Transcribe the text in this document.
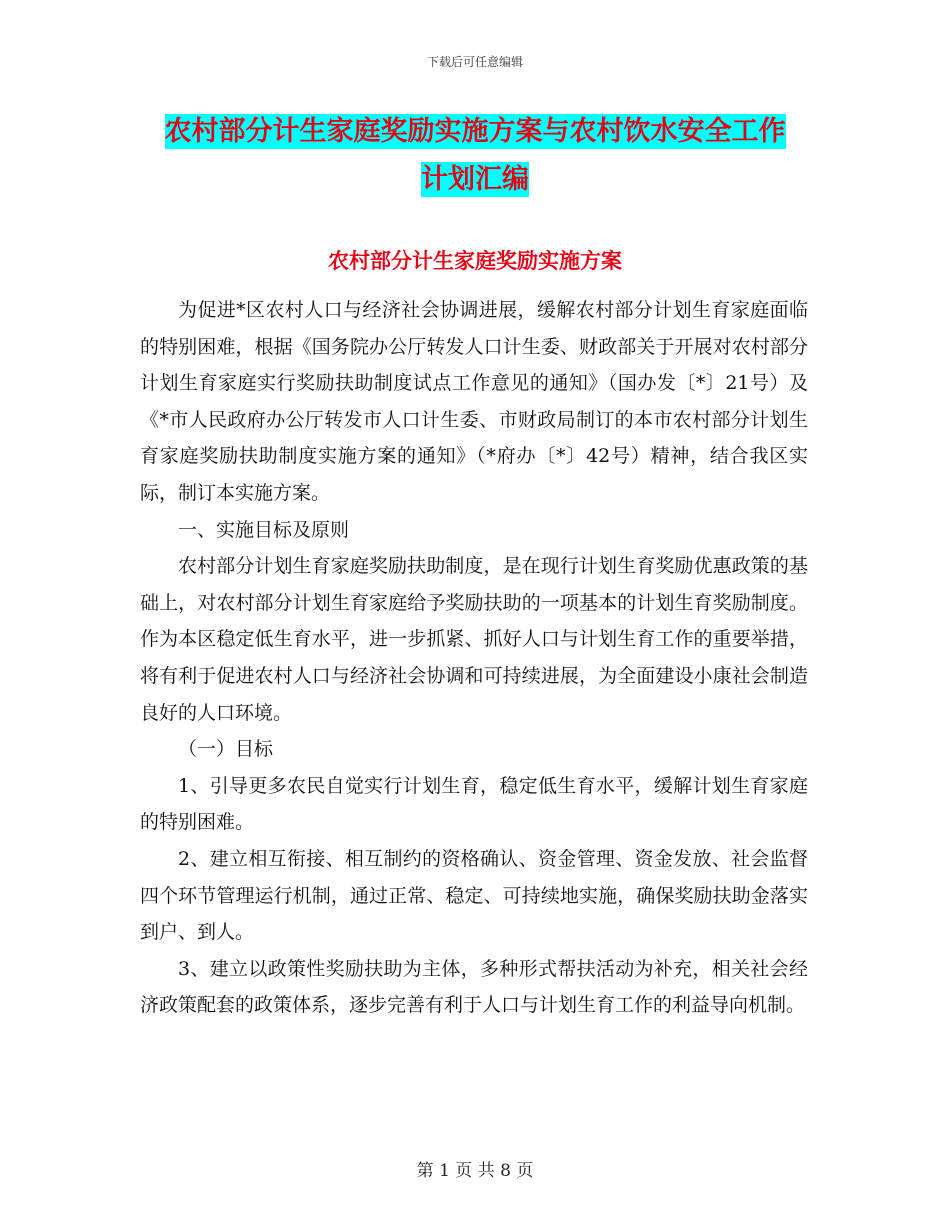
下载后可任意编辑
农村部分计生家庭奖励实施方案与农村饮水安全工作
计划汇编
农村部分计生家庭奖励实施方案

为促进*区农村人口与经济社会协调进展，缓解农村部分计划生育家庭面临的特别困难，根据《国务院办公厅转发人口计生委、财政部关于开展对农村部分计划生育家庭实行奖励扶助制度试点工作意见的通知》（国办发〔*〕21号）及《*市人民政府办公厅转发市人口计生委、市财政局制订的本市农村部分计划生育家庭奖励扶助制度实施方案的通知》（*府办〔*〕42号）精神，结合我区实际，制订本实施方案。

一、实施目标及原则

农村部分计划生育家庭奖励扶助制度，是在现行计划生育奖励优惠政策的基础上，对农村部分计划生育家庭给予奖励扶助的一项基本的计划生育奖励制度。作为本区稳定低生育水平，进一步抓紧、抓好人口与计划生育工作的重要举措，将有利于促进农村人口与经济社会协调和可持续进展，为全面建设小康社会制造良好的人口环境。

（一）目标

1、引导更多农民自觉实行计划生育，稳定低生育水平，缓解计划生育家庭的特别困难。

2、建立相互衔接、相互制约的资格确认、资金管理、资金发放、社会监督四个环节管理运行机制，通过正常、稳定、可持续地实施，确保奖励扶助金落实到户、到人。

3、建立以政策性奖励扶助为主体，多种形式帮扶活动为补充，相关社会经济政策配套的政策体系，逐步完善有利于人口与计划生育工作的利益导向机制。

第 1 页 共 8 页
